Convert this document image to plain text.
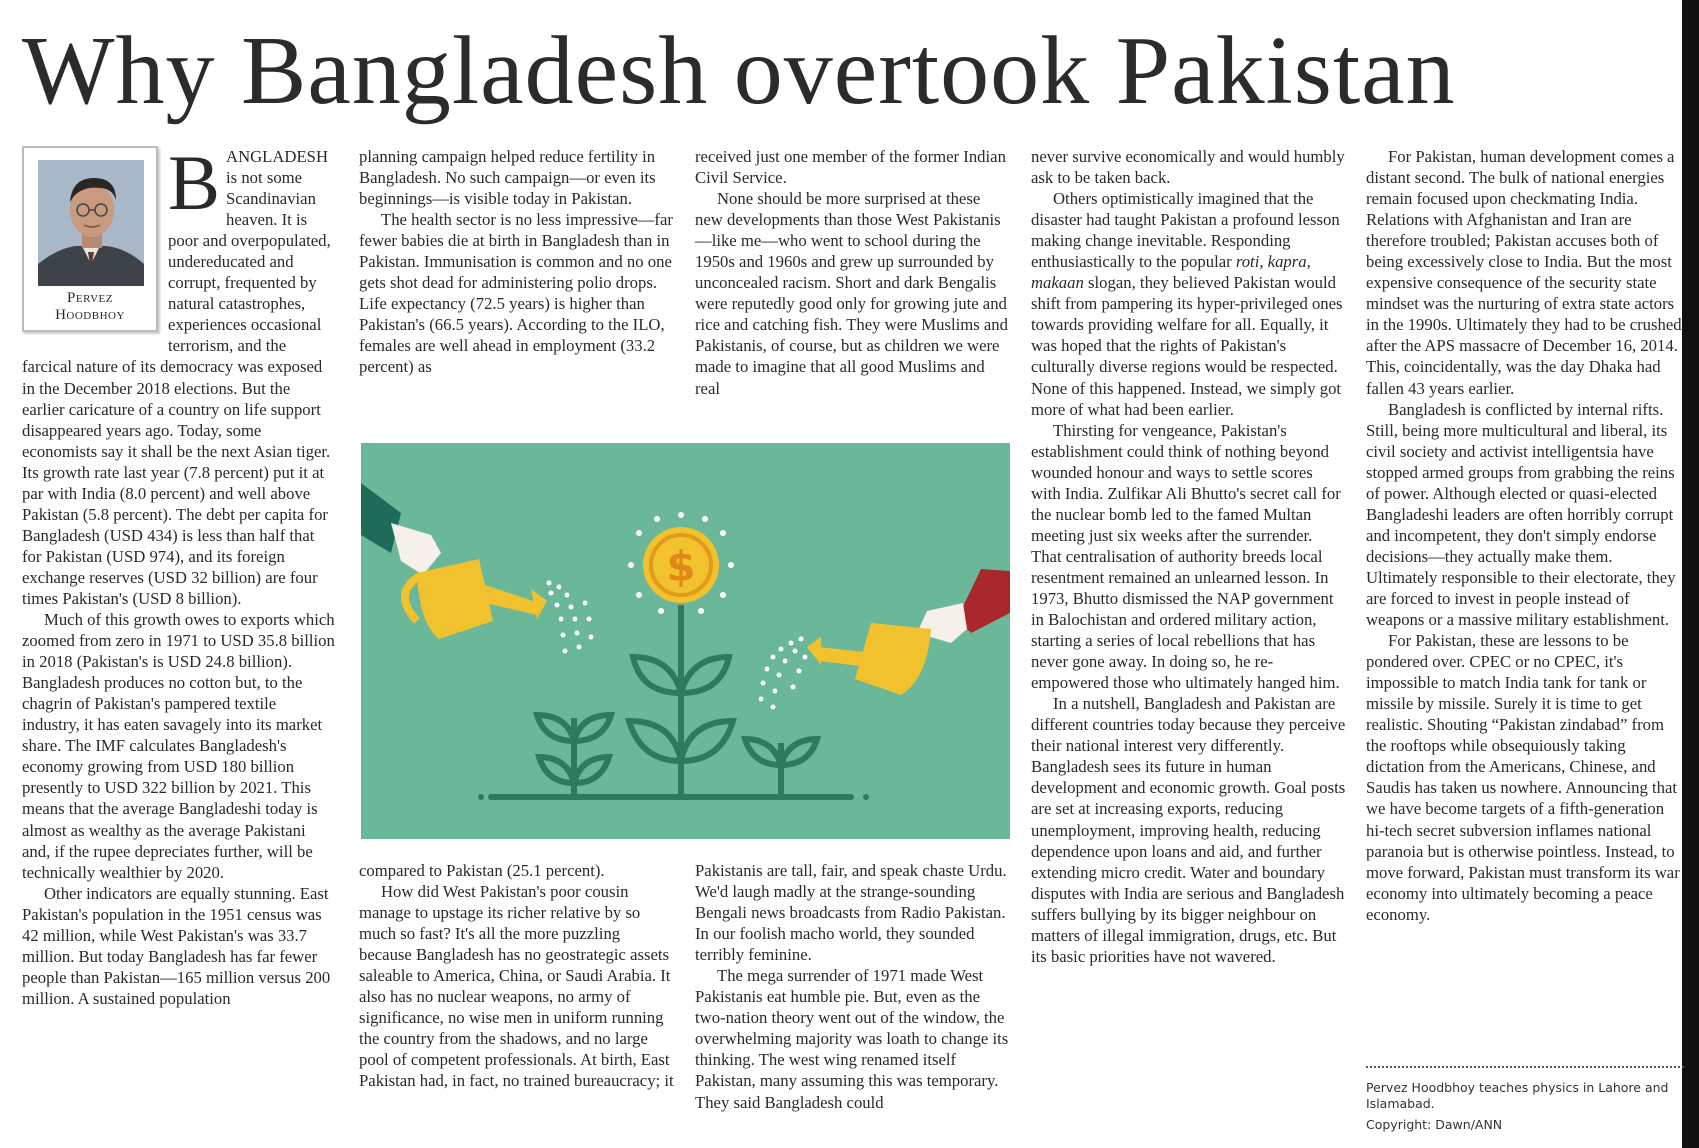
Why Bangladesh overtook Pakistan
Pervez
Hoodbhoy
B ANGLADESH is not some Scandinavian heaven. It is poor and overpopulated, undereducated and corrupt, frequented by natural catastrophes, experiences occasional terrorism, and the farcical nature of its democracy was exposed in the December 2018 elections. But the earlier caricature of a country on life support disappeared years ago. Today, some economists say it shall be the next Asian tiger. Its growth rate last year (7.8 percent) put it at par with India (8.0 percent) and well above Pakistan (5.8 percent). The debt per capita for Bangladesh (USD 434) is less than half that for Pakistan (USD 974), and its foreign exchange reserves (USD 32 billion) are four times Pakistan's (USD 8 billion).

Much of this growth owes to exports which zoomed from zero in 1971 to USD 35.8 billion in 2018 (Pakistan's is USD 24.8 billion). Bangladesh produces no cotton but, to the chagrin of Pakistan's pampered textile industry, it has eaten savagely into its market share. The IMF calculates Bangladesh's economy growing from USD 180 billion presently to USD 322 billion by 2021. This means that the average Bangladeshi today is almost as wealthy as the average Pakistani and, if the rupee depreciates further, will be technically wealthier by 2020.

Other indicators are equally stunning. East Pakistan's population in the 1951 census was 42 million, while West Pakistan's was 33.7 million. But today Bangladesh has far fewer people than Pakistan—165 million versus 200 million. A sustained population

planning campaign helped reduce fertility in Bangladesh. No such campaign—or even its beginnings—is visible today in Pakistan.

The health sector is no less impressive—far fewer babies die at birth in Bangladesh than in Pakistan. Immunisation is common and no one gets shot dead for administering polio drops. Life expectancy (72.5 years) is higher than Pakistan's (66.5 years). According to the ILO, females are well ahead in employment (33.2 percent) as

received just one member of the former Indian Civil Service.

None should be more surprised at these new developments than those West Pakistanis—like me—who went to school during the 1950s and 1960s and grew up surrounded by unconcealed racism. Short and dark Bengalis were reputedly good only for growing jute and rice and catching fish. They were Muslims and Pakistanis, of course, but as children we were made to imagine that all good Muslims and real

$

compared to Pakistan (25.1 percent).

How did West Pakistan's poor cousin manage to upstage its richer relative by so much so fast? It's all the more puzzling because Bangladesh has no geostrategic assets saleable to America, China, or Saudi Arabia. It also has no nuclear weapons, no army of significance, no wise men in uniform running the country from the shadows, and no large pool of competent professionals. At birth, East Pakistan had, in fact, no trained bureaucracy; it

Pakistanis are tall, fair, and speak chaste Urdu. We'd laugh madly at the strange-sounding Bengali news broadcasts from Radio Pakistan. In our foolish macho world, they sounded terribly feminine.

The mega surrender of 1971 made West Pakistanis eat humble pie. But, even as the two-nation theory went out of the window, the overwhelming majority was loath to change its thinking. The west wing renamed itself Pakistan, many assuming this was temporary. They said Bangladesh could

never survive economically and would humbly ask to be taken back.

Others optimistically imagined that the disaster had taught Pakistan a profound lesson making change inevitable. Responding enthusiastically to the popular roti, kapra, makaan slogan, they believed Pakistan would shift from pampering its hyper-privileged ones towards providing welfare for all. Equally, it was hoped that the rights of Pakistan's culturally diverse regions would be respected. None of this happened. Instead, we simply got more of what had been earlier.

Thirsting for vengeance, Pakistan's establishment could think of nothing beyond wounded honour and ways to settle scores with India. Zulfikar Ali Bhutto's secret call for the nuclear bomb led to the famed Multan meeting just six weeks after the surrender. That centralisation of authority breeds local resentment remained an unlearned lesson. In 1973, Bhutto dismissed the NAP government in Balochistan and ordered military action, starting a series of local rebellions that has never gone away. In doing so, he re-empowered those who ultimately hanged him.

In a nutshell, Bangladesh and Pakistan are different countries today because they perceive their national interest very differently. Bangladesh sees its future in human development and economic growth. Goal posts are set at increasing exports, reducing unemployment, improving health, reducing dependence upon loans and aid, and further extending micro credit. Water and boundary disputes with India are serious and Bangladesh suffers bullying by its bigger neighbour on matters of illegal immigration, drugs, etc. But its basic priorities have not wavered.

For Pakistan, human development comes a distant second. The bulk of national energies remain focused upon checkmating India. Relations with Afghanistan and Iran are therefore troubled; Pakistan accuses both of being excessively close to India. But the most expensive consequence of the security state mindset was the nurturing of extra state actors in the 1990s. Ultimately they had to be crushed after the APS massacre of December 16, 2014. This, coincidentally, was the day Dhaka had fallen 43 years earlier.

Bangladesh is conflicted by internal rifts. Still, being more multicultural and liberal, its civil society and activist intelligentsia have stopped armed groups from grabbing the reins of power. Although elected or quasi-elected Bangladeshi leaders are often horribly corrupt and incompetent, they don't simply endorse decisions—they actually make them. Ultimately responsible to their electorate, they are forced to invest in people instead of weapons or a massive military establishment.

For Pakistan, these are lessons to be pondered over. CPEC or no CPEC, it's impossible to match India tank for tank or missile by missile. Surely it is time to get realistic. Shouting “Pakistan zindabad” from the rooftops while obsequiously taking dictation from the Americans, Chinese, and Saudis has taken us nowhere. Announcing that we have become targets of a fifth-generation hi-tech secret subversion inflames national paranoia but is otherwise pointless. Instead, to move forward, Pakistan must transform its war economy into ultimately becoming a peace economy.

Pervez Hoodbhoy teaches physics in Lahore and Islamabad.
Copyright: Dawn/ANN
